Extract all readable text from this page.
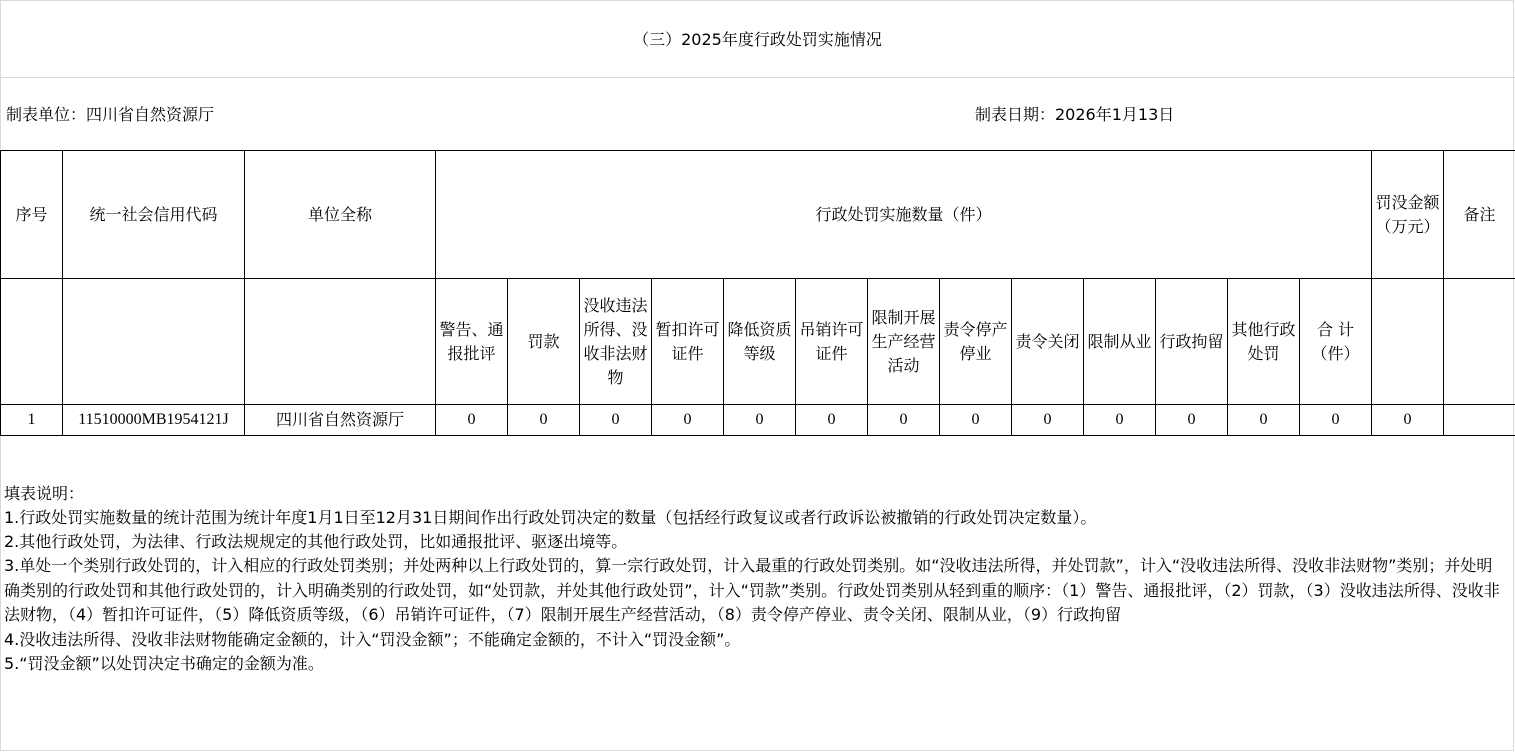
（三）2025年度行政处罚实施情况
制表单位：四川省自然资源厅	制表日期：2026年1月13日
序号	统一社会信用代码	单位全称	行政处罚实施数量（件）													罚没金额（万元）	备注
			警告、通报批评	罚款	没收违法所得、没收非法财物	暂扣许可证件	降低资质等级	吊销许可证件	限制开展生产经营活动	责令停产停业	责令关闭	限制从业	行政拘留	其他行政处罚	合 计（件）		
1	11510000MB1954121J	四川省自然资源厅	0	0	0	0	0	0	0	0	0	0	0	0	0	0	
填表说明：
1.行政处罚实施数量的统计范围为统计年度1月1日至12月31日期间作出行政处罚决定的数量（包括经行政复议或者行政诉讼被撤销的行政处罚决定数量）。
2.其他行政处罚，为法律、行政法规规定的其他行政处罚，比如通报批评、驱逐出境等。
3.单处一个类别行政处罚的，计入相应的行政处罚类别；并处两种以上行政处罚的，算一宗行政处罚，计入最重的行政处罚类别。如“没收违法所得，并处罚款”，计入“没收违法所得、没收非法财物”类别；并处明确类别的行政处罚和其他行政处罚的，计入明确类别的行政处罚，如“处罚款，并处其他行政处罚”，计入“罚款”类别。行政处罚类别从轻到重的顺序：（1）警告、通报批评，（2）罚款，（3）没收违法所得、没收非法财物，（4）暂扣许可证件，（5）降低资质等级，（6）吊销许可证件，（7）限制开展生产经营活动，（8）责令停产停业、责令关闭、限制从业，（9）行政拘留
4.没收违法所得、没收非法财物能确定金额的，计入“罚没金额”；不能确定金额的，不计入“罚没金额”。
5.“罚没金额”以处罚决定书确定的金额为准。
